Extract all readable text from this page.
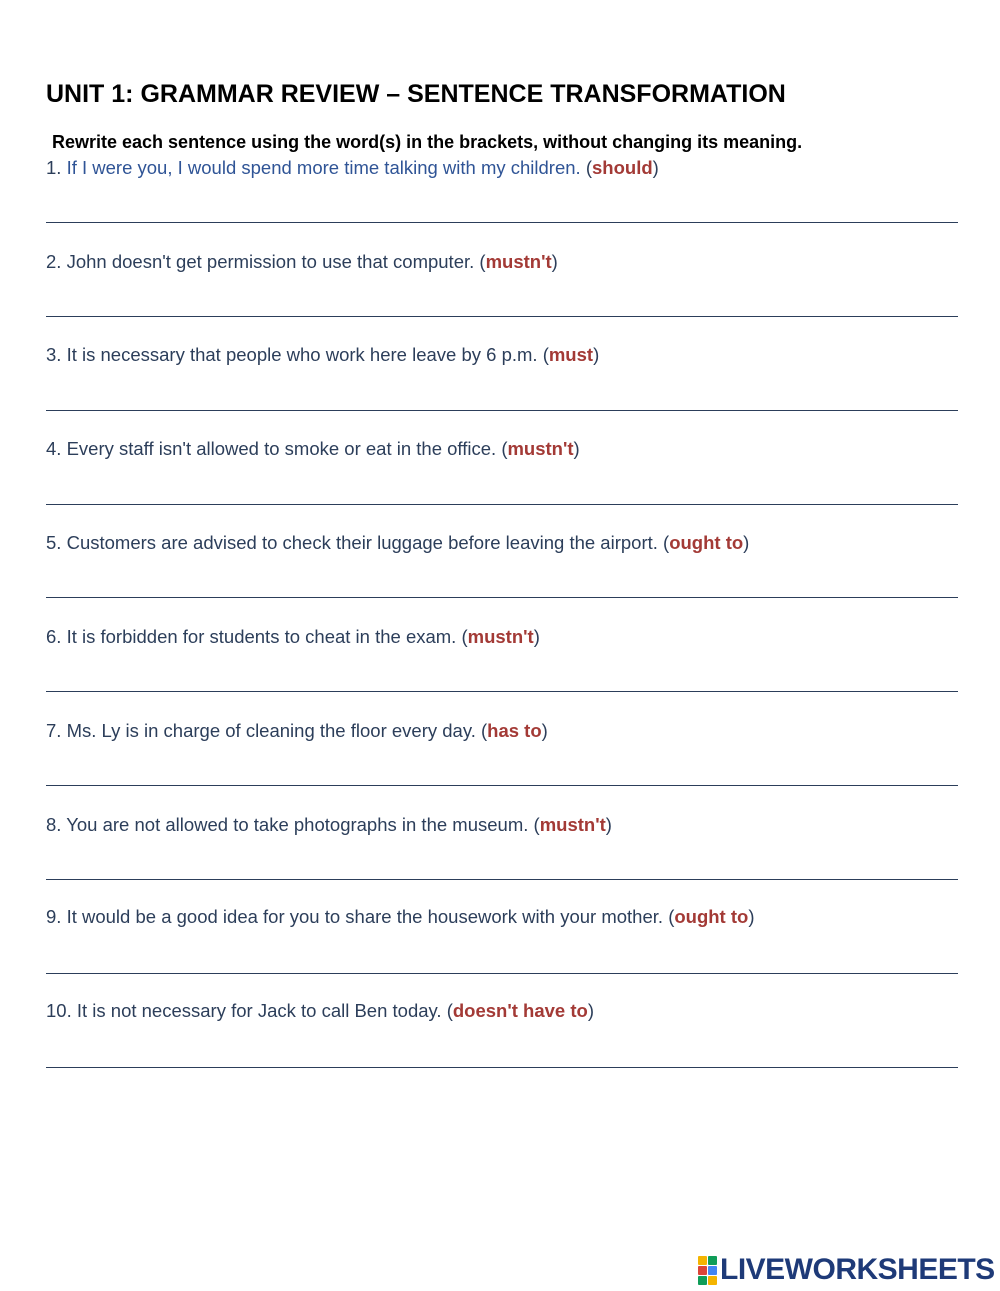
UNIT 1: GRAMMAR REVIEW – SENTENCE TRANSFORMATION
Rewrite each sentence using the word(s) in the brackets, without changing its meaning.
1. If I were you, I would spend more time talking with my children. (should)
2. John doesn't get permission to use that computer. (mustn't)
3. It is necessary that people who work here leave by 6 p.m. (must)
4. Every staff isn't allowed to smoke or eat in the office. (mustn't)
5. Customers are advised to check their luggage before leaving the airport. (ought to)
6. It is forbidden for students to cheat in the exam. (mustn't)
7. Ms. Ly is in charge of cleaning the floor every day. (has to)
8. You are not allowed to take photographs in the museum. (mustn't)
9. It would be a good idea for you to share the housework with your mother. (ought to)
10. It is not necessary for Jack to call Ben today. (doesn't have to)
LIVEWORKSHEETS
